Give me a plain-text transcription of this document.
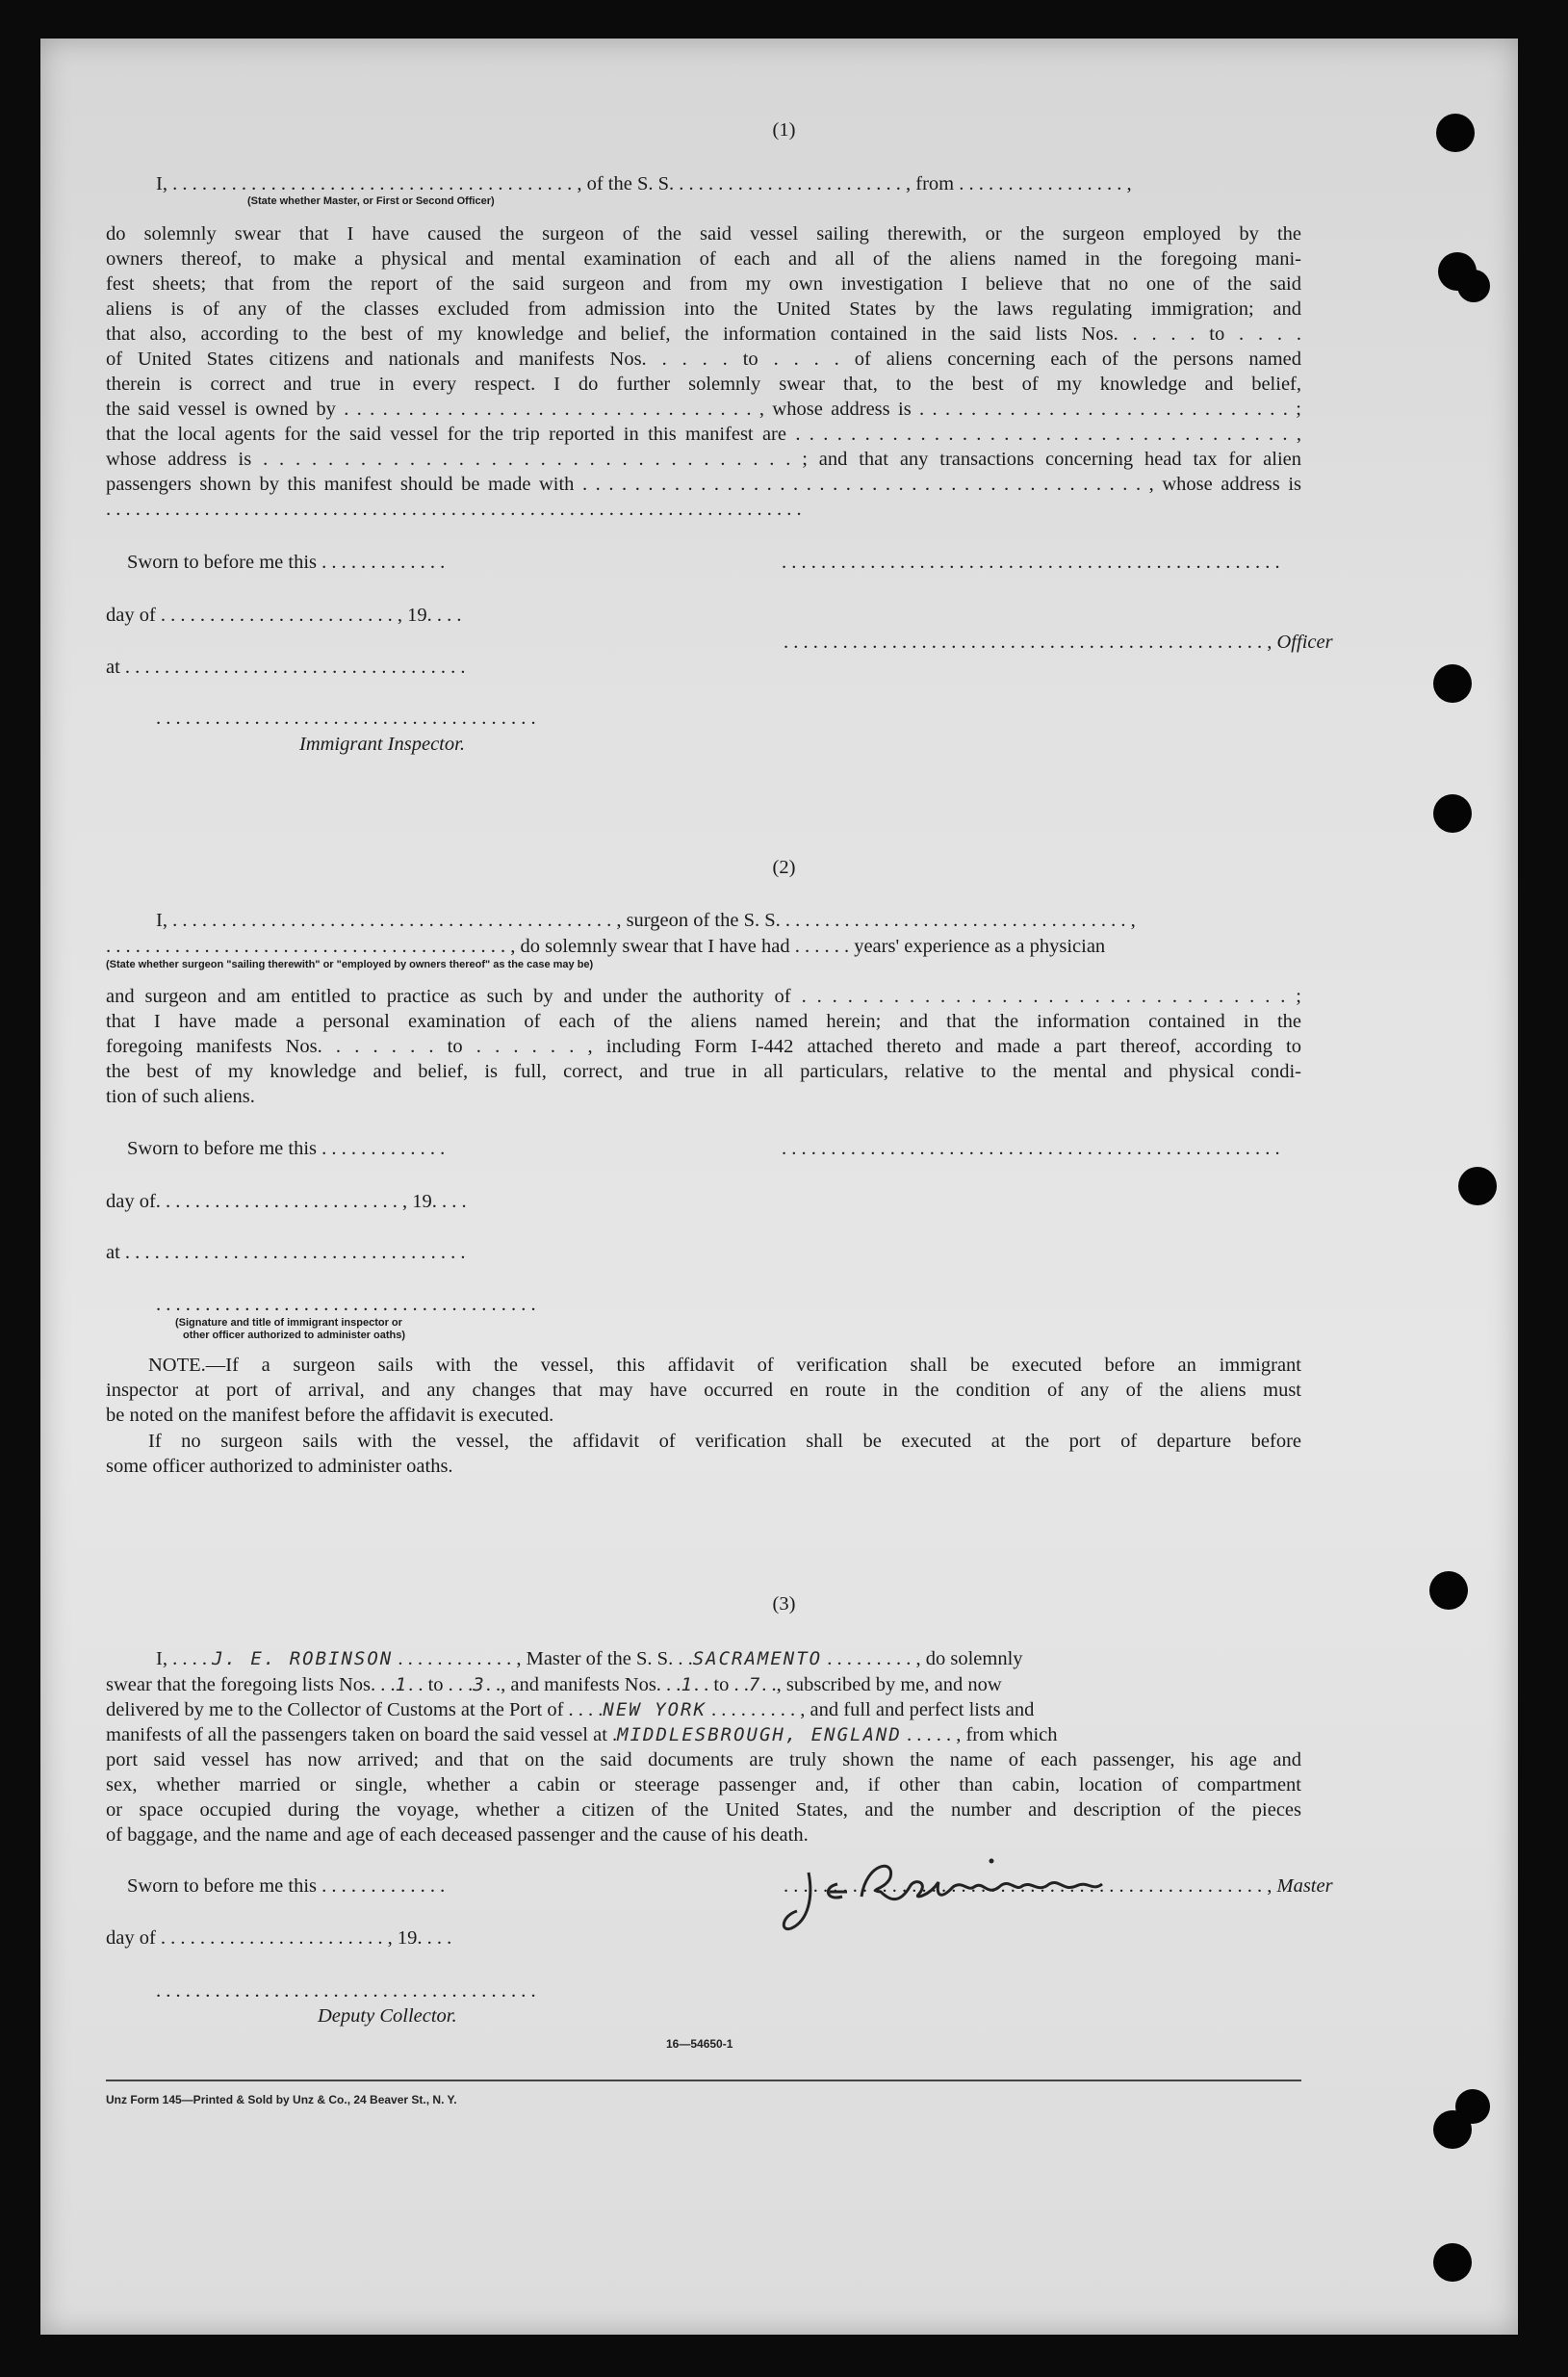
(1)
I, . . . . . . . . . . . . . . . . . . . . . . . . . . . . . . . . . . . . . . . . . , of the S. S. . . . . . . . . . . . . . . . . . . . . . . . , from . . . . . . . . . . . . . . . . . ,
(State whether Master, or First or Second Officer)
do solemnly swear that I have caused the surgeon of the said vessel sailing therewith, or the surgeon employed by the
owners thereof, to make a physical and mental examination of each and all of the aliens named in the foregoing mani-
fest sheets; that from the report of the said surgeon and from my own investigation I believe that no one of the said
aliens is of any of the classes excluded from admission into the United States by the laws regulating immigration; and
that also, according to the best of my knowledge and belief, the information contained in the said lists Nos. . . . . to . . . .
of United States citizens and nationals and manifests Nos. . . . . to . . . . of aliens concerning each of the persons named
therein is correct and true in every respect. I do further solemnly swear that, to the best of my knowledge and belief,
the said vessel is owned by . . . . . . . . . . . . . . . . . . . . . . . . . . . . . . . . , whose address is . . . . . . . . . . . . . . . . . . . . . . . . . . . . . ;
that the local agents for the said vessel for the trip reported in this manifest are . . . . . . . . . . . . . . . . . . . . . . . . . . . . . . . . . . . . ,
whose address is . . . . . . . . . . . . . . . . . . . . . . . . . . . . . . . . . ; and that any transactions concerning head tax for alien
passengers shown by this manifest should be made with . . . . . . . . . . . . . . . . . . . . . . . . . . . . . . . . . . . . . . . . . . . , whose address is
. . . . . . . . . . . . . . . . . . . . . . . . . . . . . . . . . . . . . . . . . . . . . . . . . . . . . . . . . . . . . . . . . . . . . . .
Sworn to before me this . . . . . . . . . . . . .	. . . . . . . . . . . . . . . . . . . . . . . . . . . . . . . . . . . . . . . . . . . . . . . . . . .
day of . . . . . . . . . . . . . . . . . . . . . . . . , 19. . . .
. . . . . . . . . . . . . . . . . . . . . . . . . . . . . . . . . . . . . . . . . . . . . . . . . , Officer
at . . . . . . . . . . . . . . . . . . . . . . . . . . . . . . . . . . .
. . . . . . . . . . . . . . . . . . . . . . . . . . . . . . . . . . . . . . .
Immigrant Inspector.
(2)
I, . . . . . . . . . . . . . . . . . . . . . . . . . . . . . . . . . . . . . . . . . . . . . , surgeon of the S. S. . . . . . . . . . . . . . . . . . . . . . . . . . . . . . . . . . . . ,
. . . . . . . . . . . . . . . . . . . . . . . . . . . . . . . . . . . . . . . . . , do solemnly swear that I have had . . . . . . years' experience as a physician
(State whether surgeon "sailing therewith" or "employed by owners thereof" as the case may be)
and surgeon and am entitled to practice as such by and under the authority of . . . . . . . . . . . . . . . . . . . . . . . . . . . . . . . . ;
that I have made a personal examination of each of the aliens named herein; and that the information contained in the
foregoing manifests Nos. . . . . . . to . . . . . . , including Form I-442 attached thereto and made a part thereof, according to
the best of my knowledge and belief, is full, correct, and true in all particulars, relative to the mental and physical condi-
tion of such aliens.
Sworn to before me this . . . . . . . . . . . . .	. . . . . . . . . . . . . . . . . . . . . . . . . . . . . . . . . . . . . . . . . . . . . . . . . . .
day of. . . . . . . . . . . . . . . . . . . . . . . . . , 19. . . .
at . . . . . . . . . . . . . . . . . . . . . . . . . . . . . . . . . . .
. . . . . . . . . . . . . . . . . . . . . . . . . . . . . . . . . . . . . . .
(Signature and title of immigrant inspector or
other officer authorized to administer oaths)
NOTE.—If a surgeon sails with the vessel, this affidavit of verification shall be executed before an immigrant
inspector at port of arrival, and any changes that may have occurred en route in the condition of any of the aliens must
be noted on the manifest before the affidavit is executed.
If no surgeon sails with the vessel, the affidavit of verification shall be executed at the port of departure before
some officer authorized to administer oaths.
(3)
I, . . . . J. E. ROBINSON . . . . . . . . . . . . , Master of the S. S. . .SACRAMENTO . . . . . . . . . , do solemnly
swear that the foregoing lists Nos. . .1. . to . . .3. ., and manifests Nos. . .1. . to . .7. ., subscribed by me, and now
delivered by me to the Collector of Customs at the Port of . . . .NEW YORK . . . . . . . . . , and full and perfect lists and
manifests of all the passengers taken on board the said vessel at .MIDDLESBROUGH, ENGLAND . . . . . , from which
port said vessel has now arrived; and that on the said documents are truly shown the name of each passenger, his age and
sex, whether married or single, whether a cabin or steerage passenger and, if other than cabin, location of compartment
or space occupied during the voyage, whether a citizen of the United States, and the number and description of the pieces
of baggage, and the name and age of each deceased passenger and the cause of his death.
Sworn to before me this . . . . . . . . . . . . .	. . . . . . . . . . . . . . . . . . . . . . . . . . . . . . . . . . . . . . . . . . . . . . . . . , Master
day of . . . . . . . . . . . . . . . . . . . . . . . , 19. . . .
. . . . . . . . . . . . . . . . . . . . . . . . . . . . . . . . . . . . . . .
Deputy Collector.
16—54650-1
Unz Form 145—Printed & Sold by Unz & Co., 24 Beaver St., N. Y.
